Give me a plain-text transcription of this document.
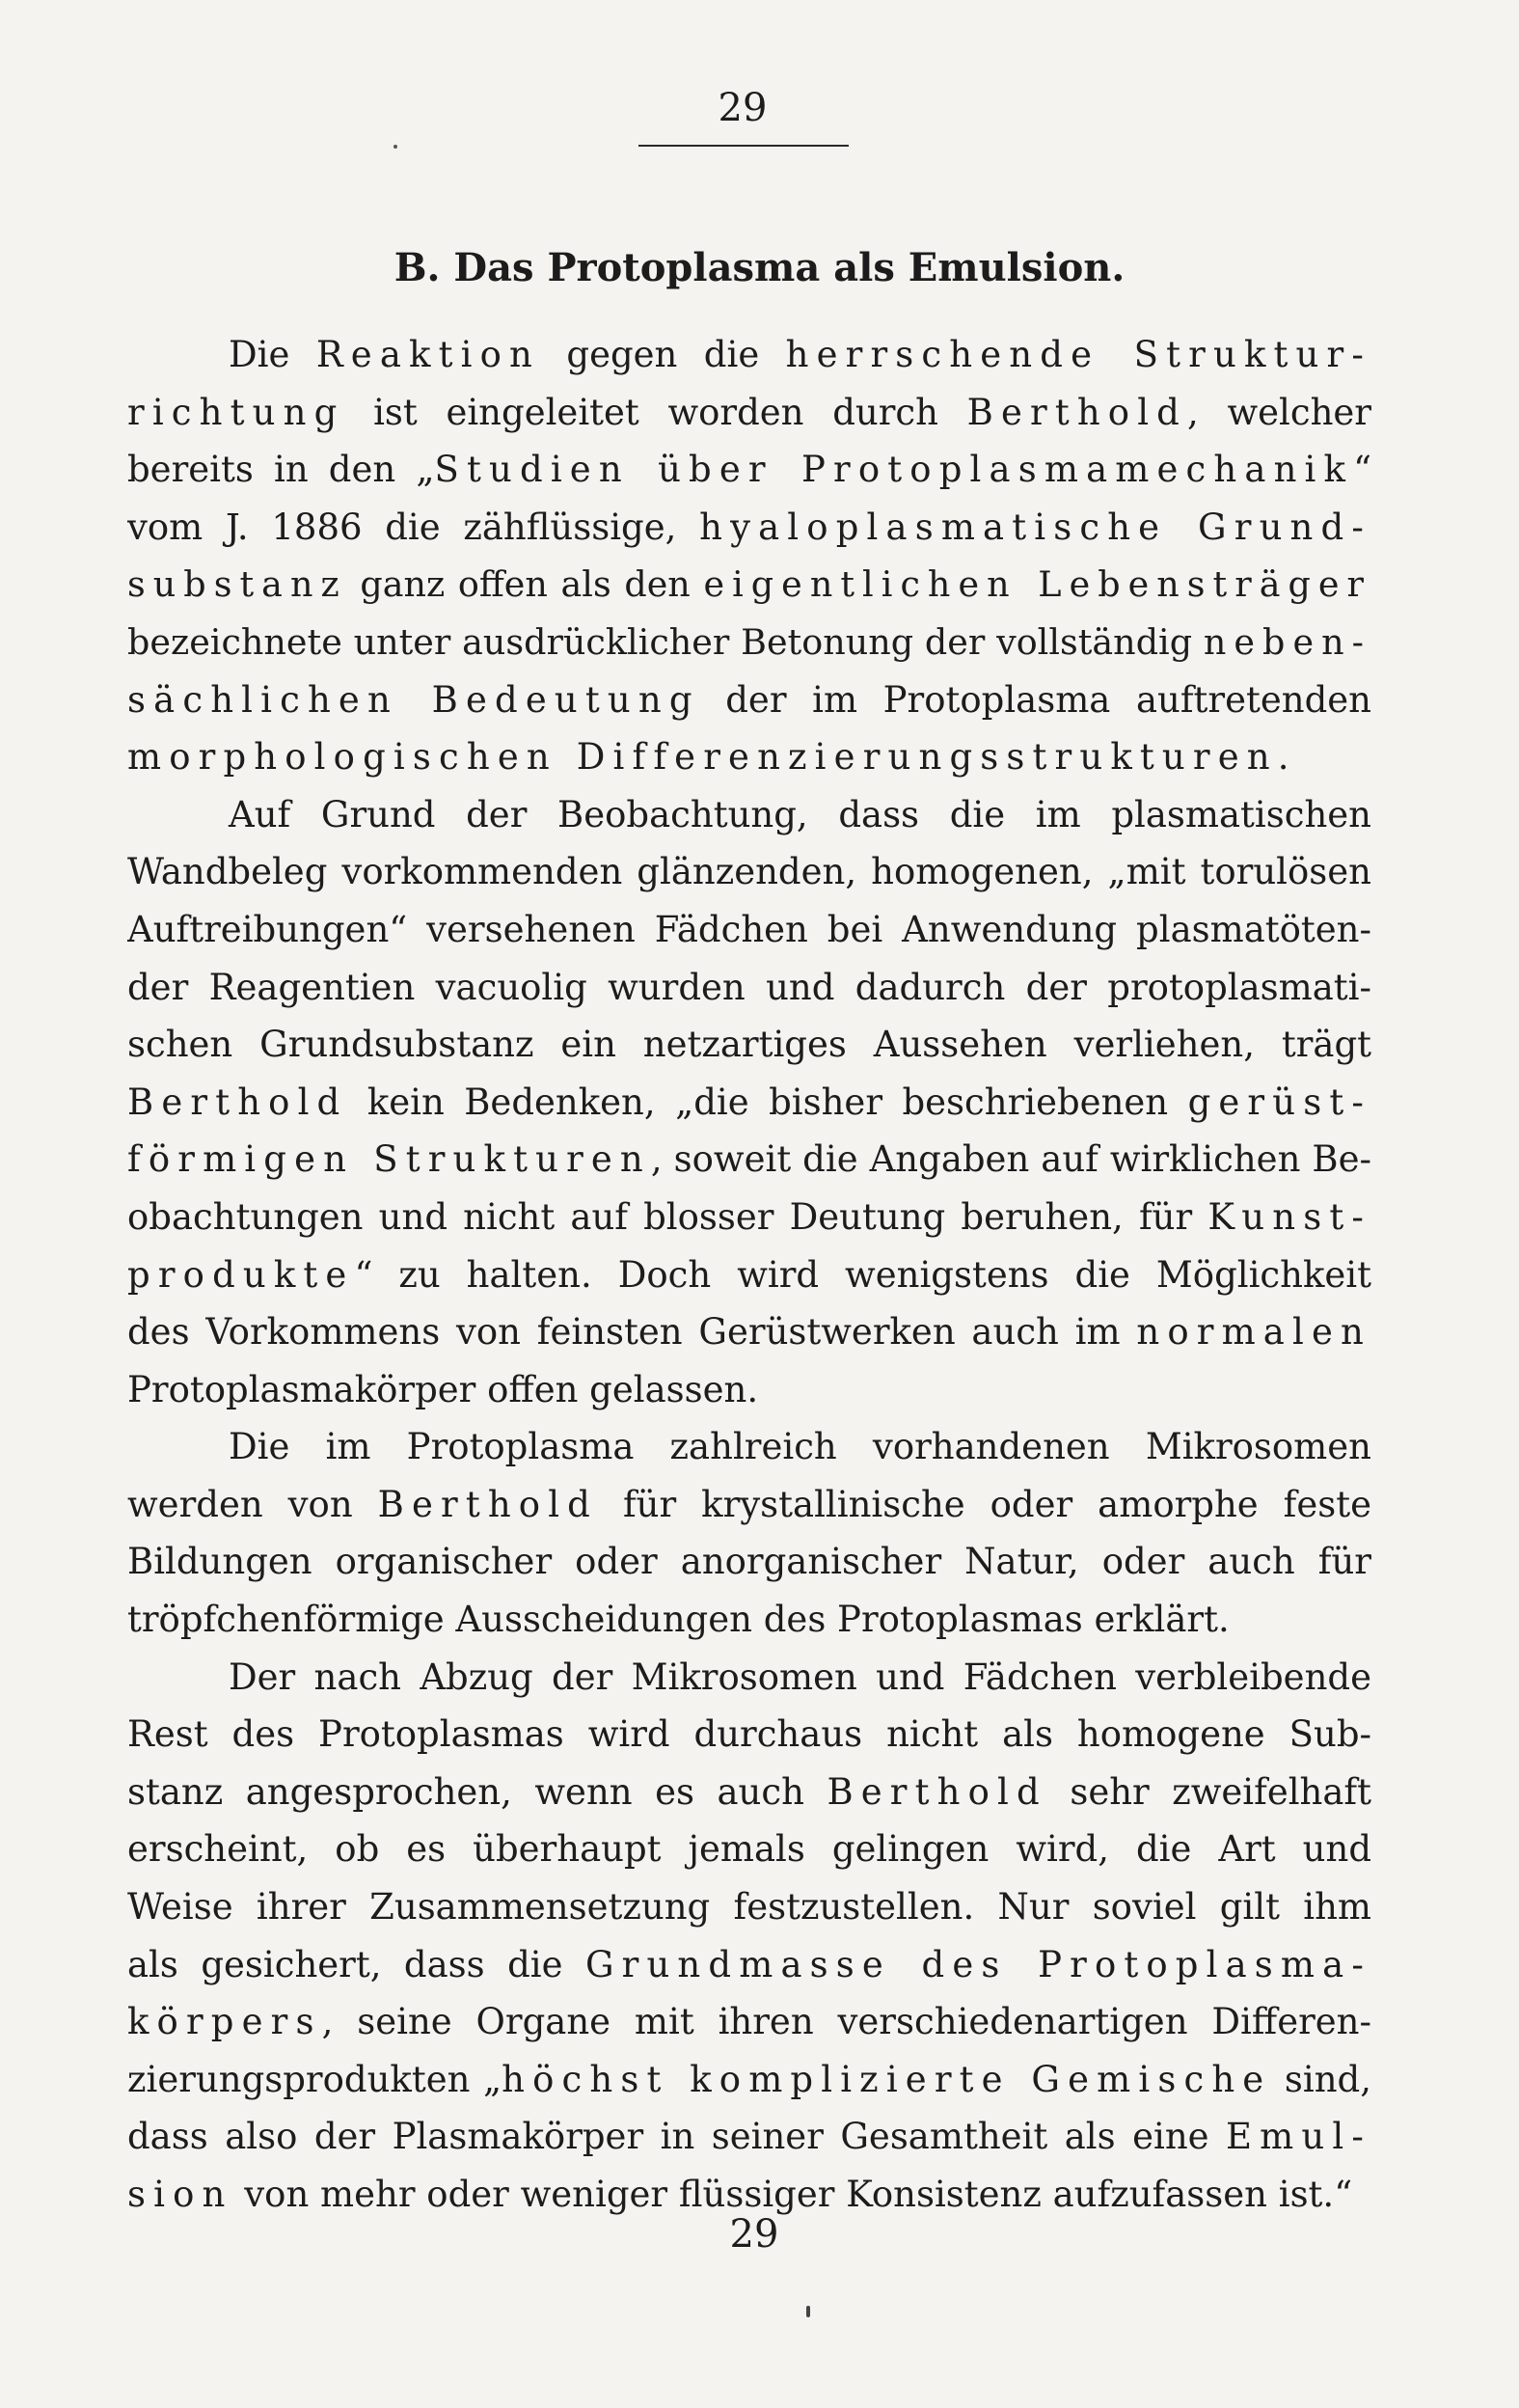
29
B. Das Protoplasma als Emulsion.
Die Reaktion gegen die herrschende Struktur-
richtung ist eingeleitet worden durch Berthold, welcher
bereits in den „Studien über Protoplasmamechanik“
vom J. 1886 die zähflüssige, hyaloplasmatische Grund-
substanz ganz offen als den eigentlichen Lebensträger
bezeichnete unter ausdrücklicher Betonung der vollständig neben-
sächlichen Bedeutung der im Protoplasma auftretenden
morphologischen Differenzierungsstrukturen.
Auf Grund der Beobachtung, dass die im plasmatischen
Wandbeleg vorkommenden glänzenden, homogenen, „mit torulösen
Auftreibungen“ versehenen Fädchen bei Anwendung plasmatöten-
der Reagentien vacuolig wurden und dadurch der protoplasmati-
schen Grundsubstanz ein netzartiges Aussehen verliehen, trägt
Berthold kein Bedenken, „die bisher beschriebenen gerüst-
förmigen Strukturen, soweit die Angaben auf wirklichen Be-
obachtungen und nicht auf blosser Deutung beruhen, für Kunst-
produkte“ zu halten. Doch wird wenigstens die Möglichkeit
des Vorkommens von feinsten Gerüstwerken auch im normalen
Protoplasmakörper offen gelassen.
Die im Protoplasma zahlreich vorhandenen Mikrosomen
werden von Berthold für krystallinische oder amorphe feste
Bildungen organischer oder anorganischer Natur, oder auch für
tröpfchenförmige Ausscheidungen des Protoplasmas erklärt.
Der nach Abzug der Mikrosomen und Fädchen verbleibende
Rest des Protoplasmas wird durchaus nicht als homogene Sub-
stanz angesprochen, wenn es auch Berthold sehr zweifelhaft
erscheint, ob es überhaupt jemals gelingen wird, die Art und
Weise ihrer Zusammensetzung festzustellen. Nur soviel gilt ihm
als gesichert, dass die Grundmasse des Protoplasma-
körpers, seine Organe mit ihren verschiedenartigen Differen-
zierungsprodukten „höchst komplizierte Gemische sind,
dass also der Plasmakörper in seiner Gesamtheit als eine Emul-
sion von mehr oder weniger flüssiger Konsistenz aufzufassen ist.“
29
